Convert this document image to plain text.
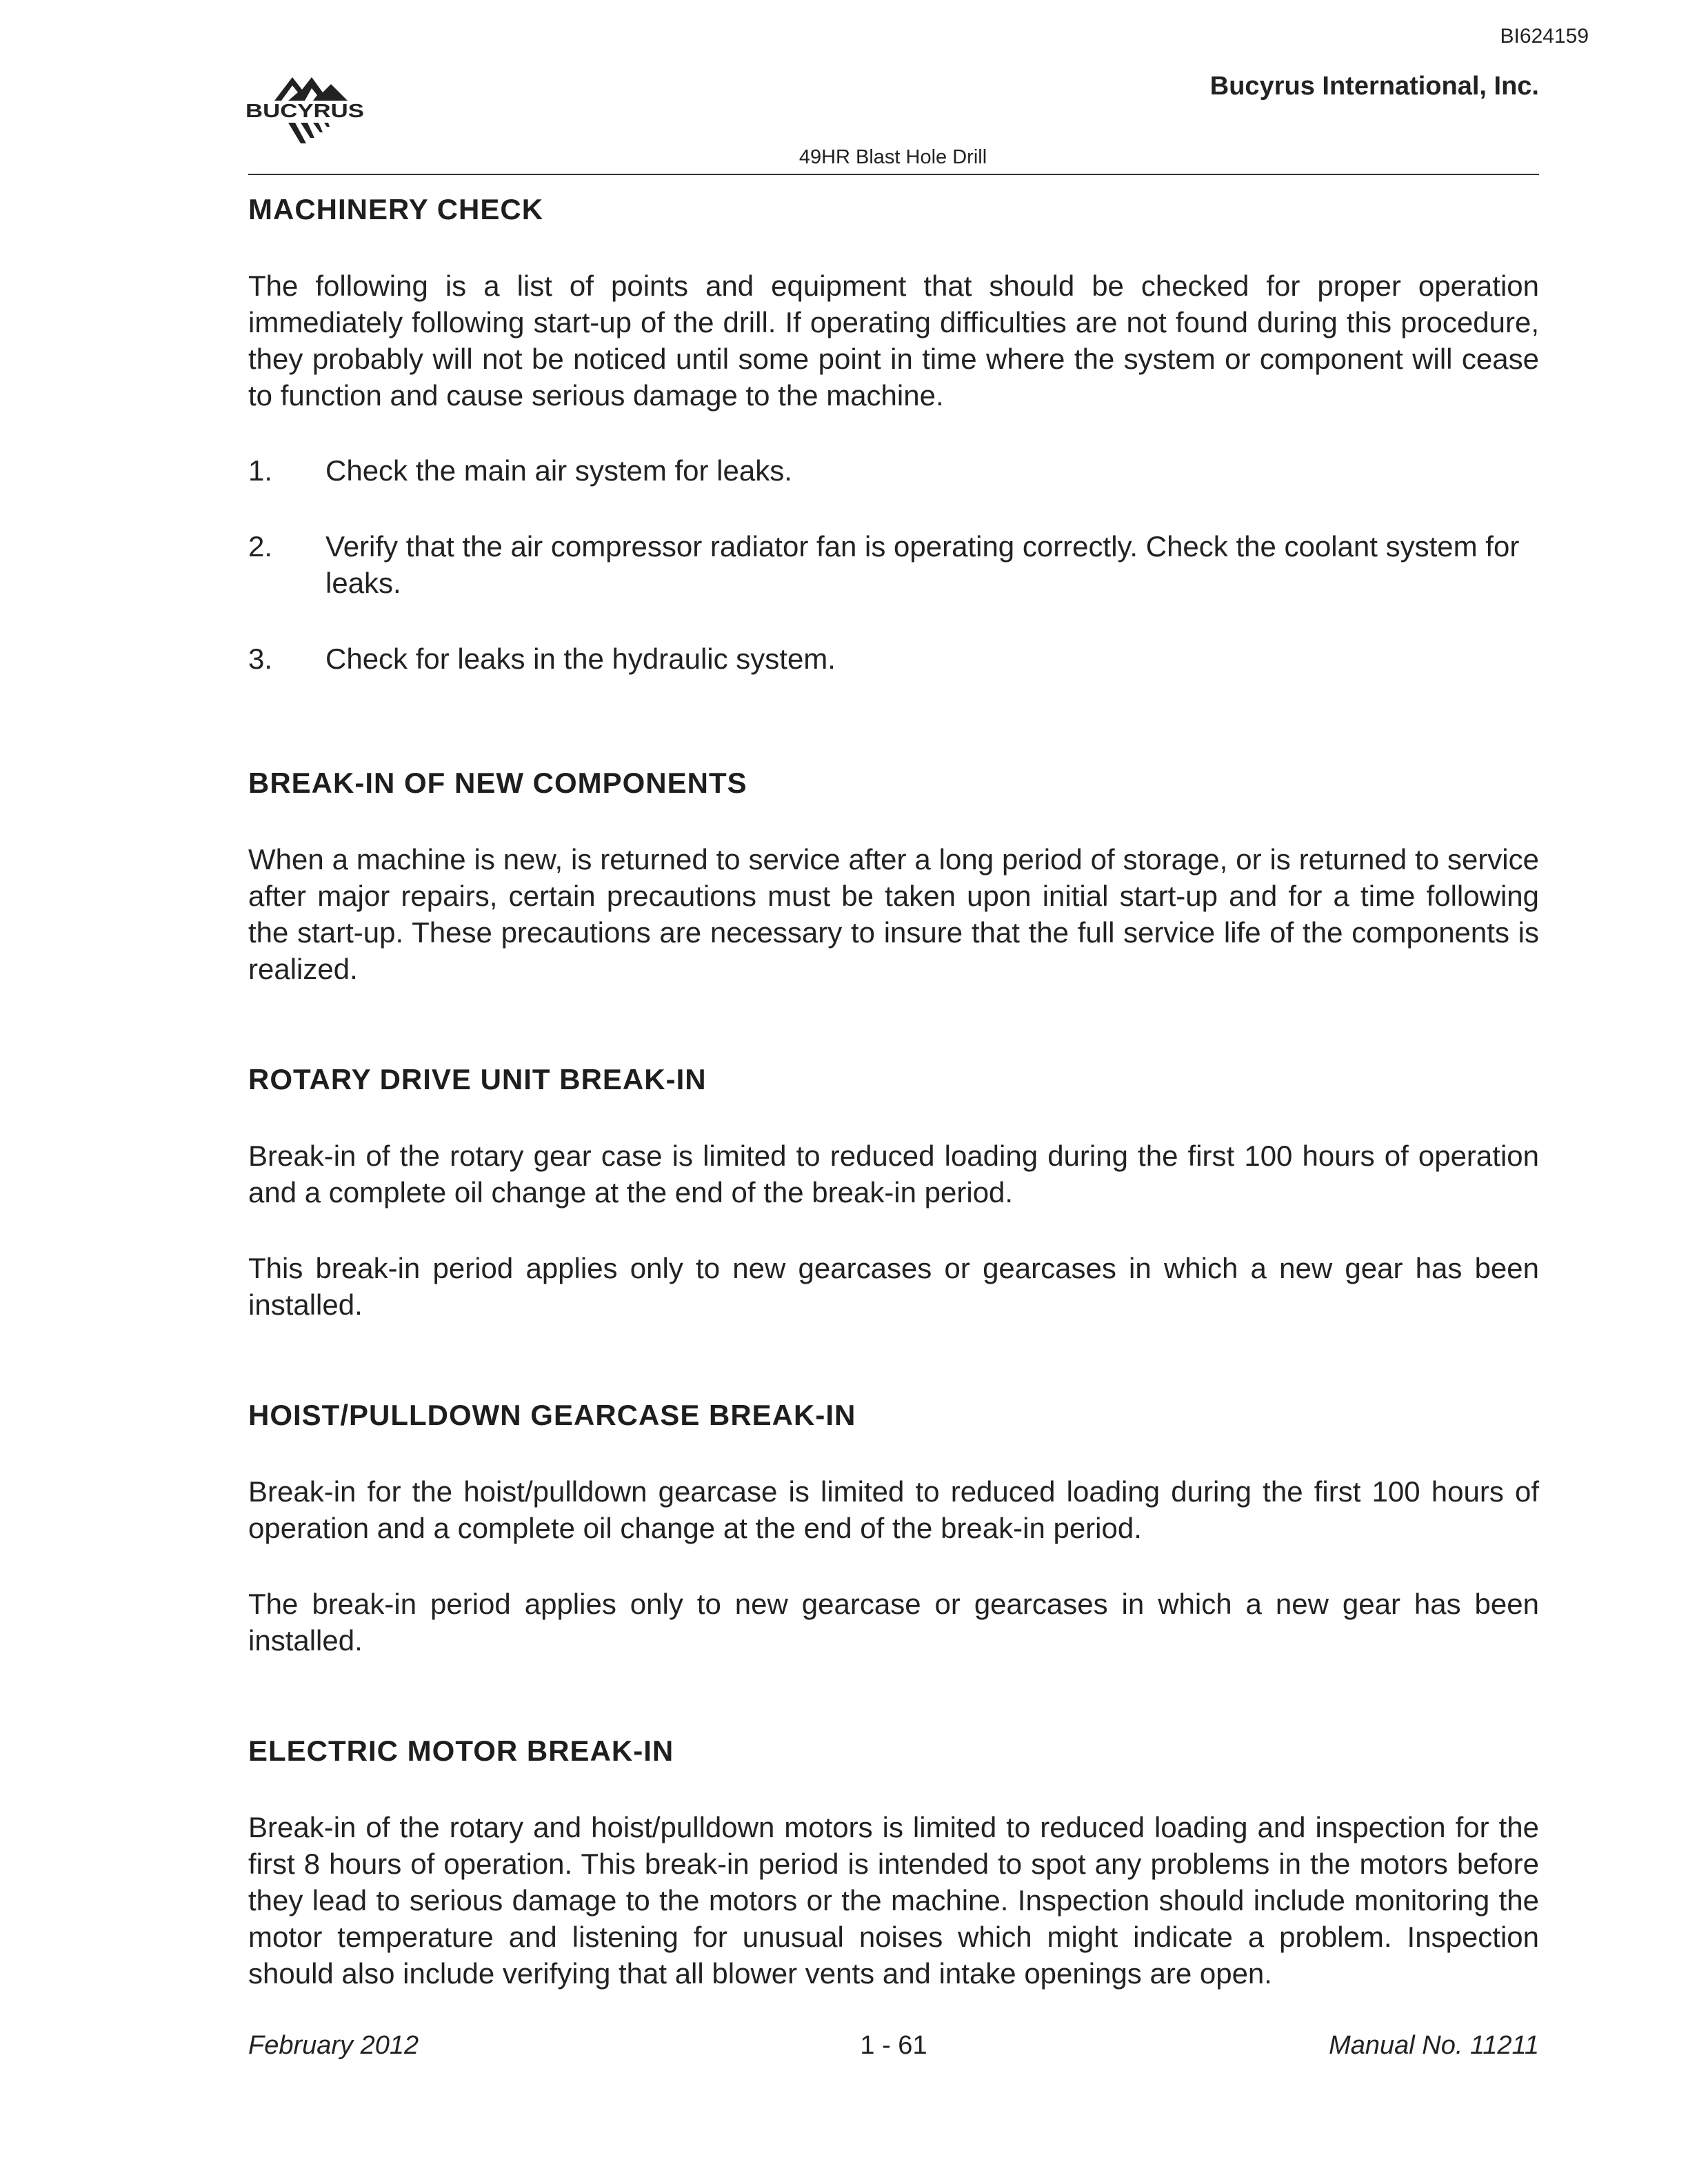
BI624159
BUCYRUS
Bucyrus International, Inc.
49HR Blast Hole Drill
MACHINERY CHECK

The following is a list of points and equipment that should be checked for proper operation immediately following start-up of the drill. If operating difficulties are not found during this procedure, they probably will not be noticed until some point in time where the system or component will cease to function and cause serious damage to the machine.

1.	Check the main air system for leaks.
2.	Verify that the air compressor radiator fan is operating correctly. Check the coolant system for leaks.
3.	Check for leaks in the hydraulic system.
BREAK-IN OF NEW COMPONENTS

When a machine is new, is returned to service after a long period of storage, or is returned to service after major repairs, certain precautions must be taken upon initial start-up and for a time following the start-up. These precautions are necessary to insure that the full service life of the components is realized.

ROTARY DRIVE UNIT BREAK-IN

Break-in of the rotary gear case is limited to reduced loading during the first 100 hours of operation and a complete oil change at the end of the break-in period.

This break-in period applies only to new gearcases or gearcases in which a new gear has been installed.

HOIST/PULLDOWN GEARCASE BREAK-IN

Break-in for the hoist/pulldown gearcase is limited to reduced loading during the first 100 hours of operation and a complete oil change at the end of the break-in period.

The break-in period applies only to new gearcase or gearcases in which a new gear has been installed.

ELECTRIC MOTOR BREAK-IN

Break-in of the rotary and hoist/pulldown motors is limited to reduced loading and inspection for the first 8 hours of operation. This break-in period is intended to spot any problems in the motors before they lead to serious damage to the motors or the machine. Inspection should include monitoring the motor temperature and listening for unusual noises which might indicate a problem. Inspection should also include verifying that all blower vents and intake openings are open.

February 2012	1 - 61	Manual No. 11211
